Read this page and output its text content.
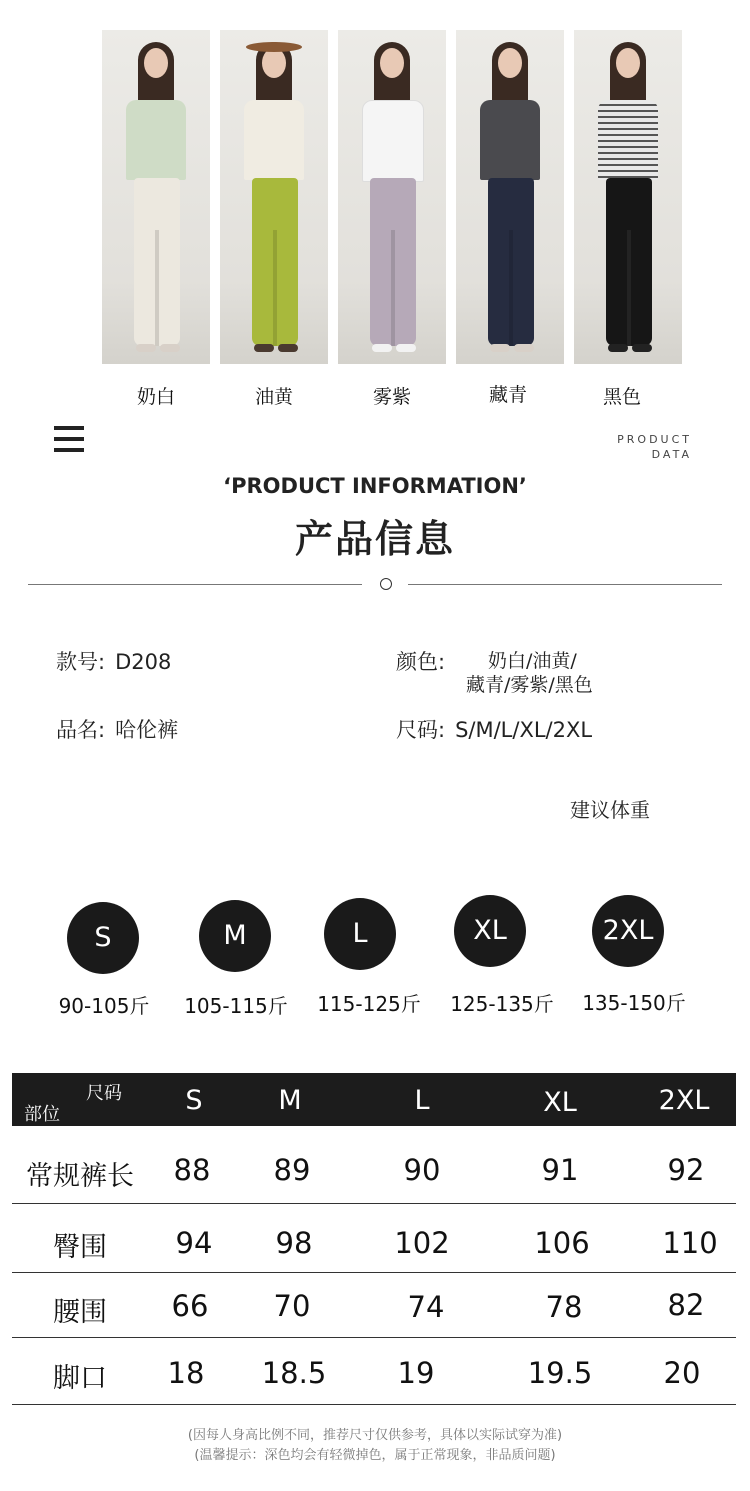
奶白	油黄	雾紫	藏青	黑色
PRODUCT
DATA
‘PRODUCT INFORMATION’
产品信息
款号: D208
品名: 哈伦裤
颜色: 奶白/油黄/
藏青/雾紫/黑色
尺码: S/M/L/XL/2XL
建议体重
S	M	L	XL	2XL
90-105斤	105-115斤	115-125斤	125-135斤	135-150斤
尺码
部位	S	M	L	XL	2XL
常规裤长	88	89	90	91	92
臀围	94	98	102	106	110
腰围	66	70	74	78	82
脚口	18	18.5	19	19.5	20
(因每人身高比例不同，推荐尺寸仅供参考，具体以实际试穿为准)
(温馨提示：深色均会有轻微掉色，属于正常现象，非品质问题)
